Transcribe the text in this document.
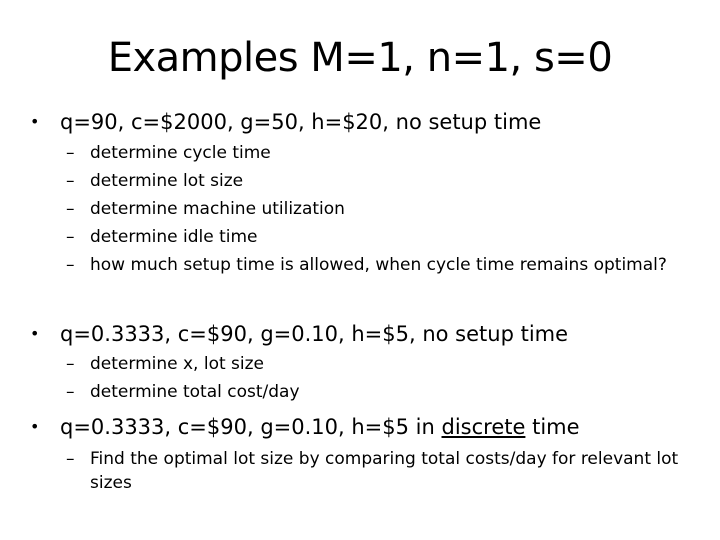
Examples M=1, n=1, s=0
• q=90, c=$2000, g=50, h=$20, no setup time
– determine cycle time
– determine lot size
– determine machine utilization
– determine idle time
– how much setup time is allowed, when cycle time remains optimal?
• q=0.3333, c=$90, g=0.10, h=$5, no setup time
– determine x, lot size
– determine total cost/day
• q=0.3333, c=$90, g=0.10, h=$5 in discrete time
– Find the optimal lot size by comparing total costs/day for relevant lot sizes
